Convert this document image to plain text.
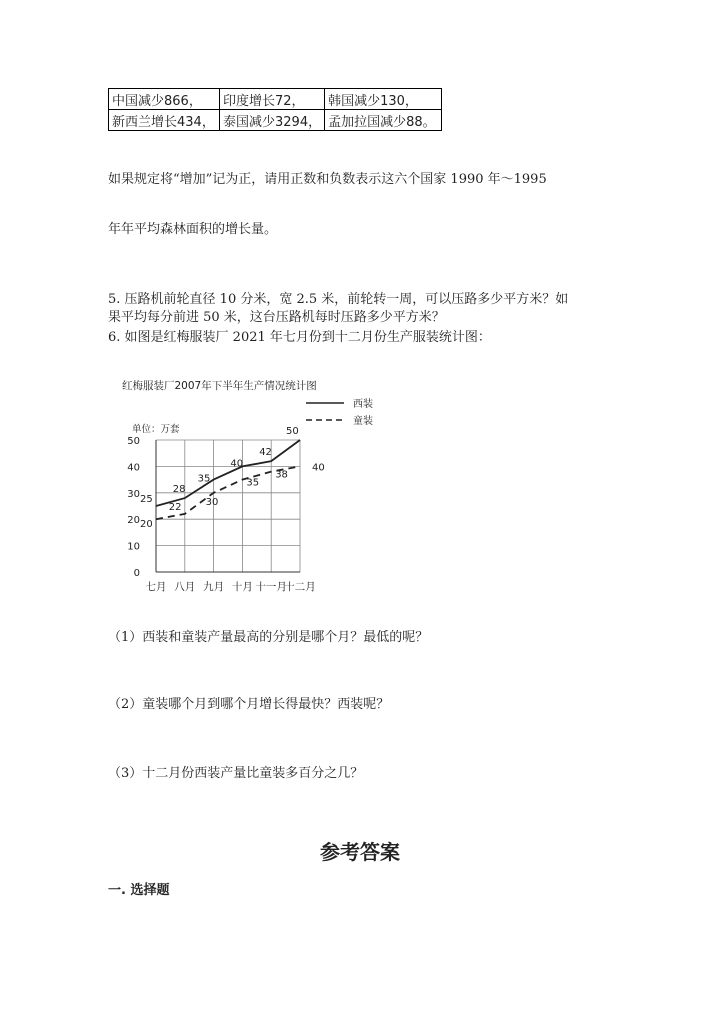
中国减少866，	印度增长72，	韩国减少130，
新西兰增长434，	泰国减少3294，	孟加拉国减少88。
如果规定将“增加”记为正，请用正数和负数表示这六个国家 1990 年～1995
年年平均森林面积的增长量。
5. 压路机前轮直径 10 分米，宽 2.5 米，前轮转一周，可以压路多少平方米？如
果平均每分前进 50 米，这台压路机每时压路多少平方米？
6. 如图是红梅服装厂 2021 年七月份到十二月份生产服装统计图：
红梅服装厂2007年下半年生产情况统计图
单位：万套
西装
童装
0
10
20
30
40
50
七月 八月 九月 十月 十一月
十二月
25
28
35
40
42
50
20
22 30
35
38
40
（1）西装和童装产量最高的分别是哪个月？最低的呢？
（2）童装哪个月到哪个月增长得最快？西装呢？
（3）十二月份西装产量比童装多百分之几？
参考答案
一. 选择题
